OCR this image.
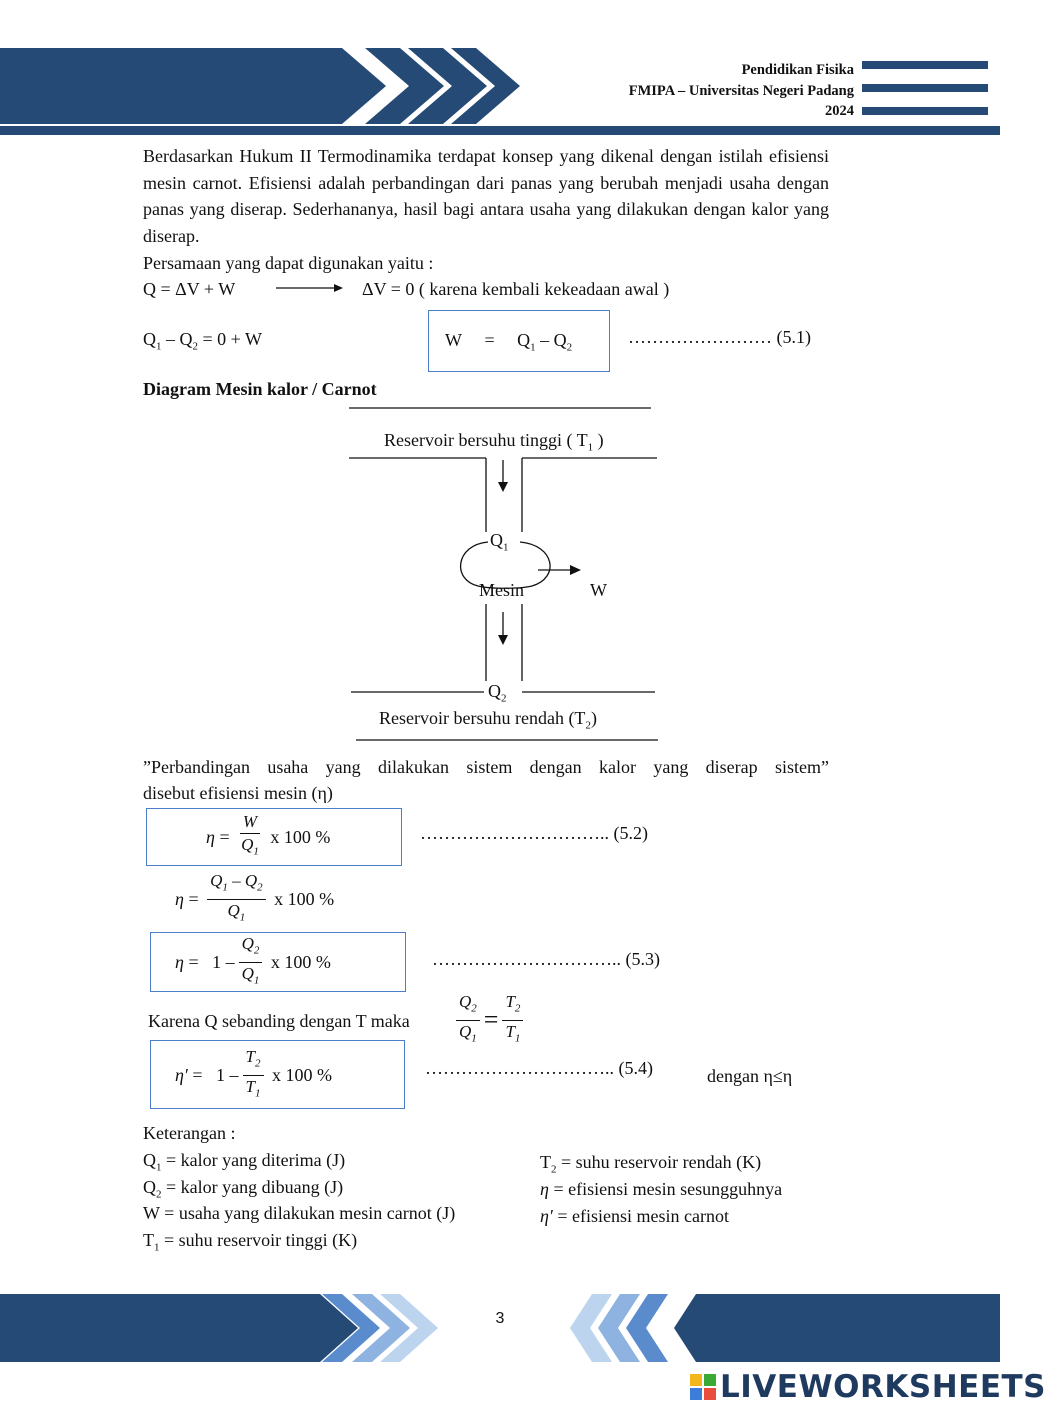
Pendidikan Fisika
FMIPA – Universitas Negeri Padang
2024
Berdasarkan Hukum II Termodinamika terdapat konsep yang dikenal dengan istilah efisiensi mesin carnot. Efisiensi adalah perbandingan dari panas yang berubah menjadi usaha dengan panas yang diserap. Sederhananya, hasil bagi antara usaha yang dilakukan dengan kalor yang diserap.
Persamaan yang dapat digunakan yaitu :
Q = ΔV + W	ΔV = 0 ( karena kembali kekeadaan awal )
$Q_1 - Q_2 = 0 + W$	W =     $Q_1 - Q_2$
…………………… (5.1)
Diagram Mesin kalor / Carnot
Reservoir bersuhu tinggi ( $T_1$ )
$Q_1$
Mesin	W
$Q_2$
Reservoir bersuhu rendah $(T_2)$
”Perbandingan usaha yang dilakukan sistem dengan kalor yang diserap sistem”
disebut efisiensi mesin (η)
$\eta = \frac{W}{Q_1}$
x 100 %	………………………….. (5.2)
$\eta = \frac{Q_1 - Q_2}{Q_1}$
x 100 %
$\eta = 1 - \frac{Q_2}{Q_1}$
x 100 %	………………………….. (5.3)
Karena Q sebanding dengan T maka	$\frac{Q_2}{Q_1} = \frac{T_2}{T_1}$
$\eta' = 1 - \frac{T_2}{T_1}$
x 100 %	………………………….. (5.4)	dengan η≤η
Keterangan :
$Q_1$ = kalor yang diterima (J)
$Q_2$ = kalor yang dibuang (J)
W = usaha yang dilakukan mesin carnot (J)
$T_1$ = suhu reservoir tinggi (K)
$T_2$ = suhu reservoir rendah (K)
η = efisiensi mesin sesungguhnya
η′ = efisiensi mesin carnot
3
LIVEWORKSHEETS
